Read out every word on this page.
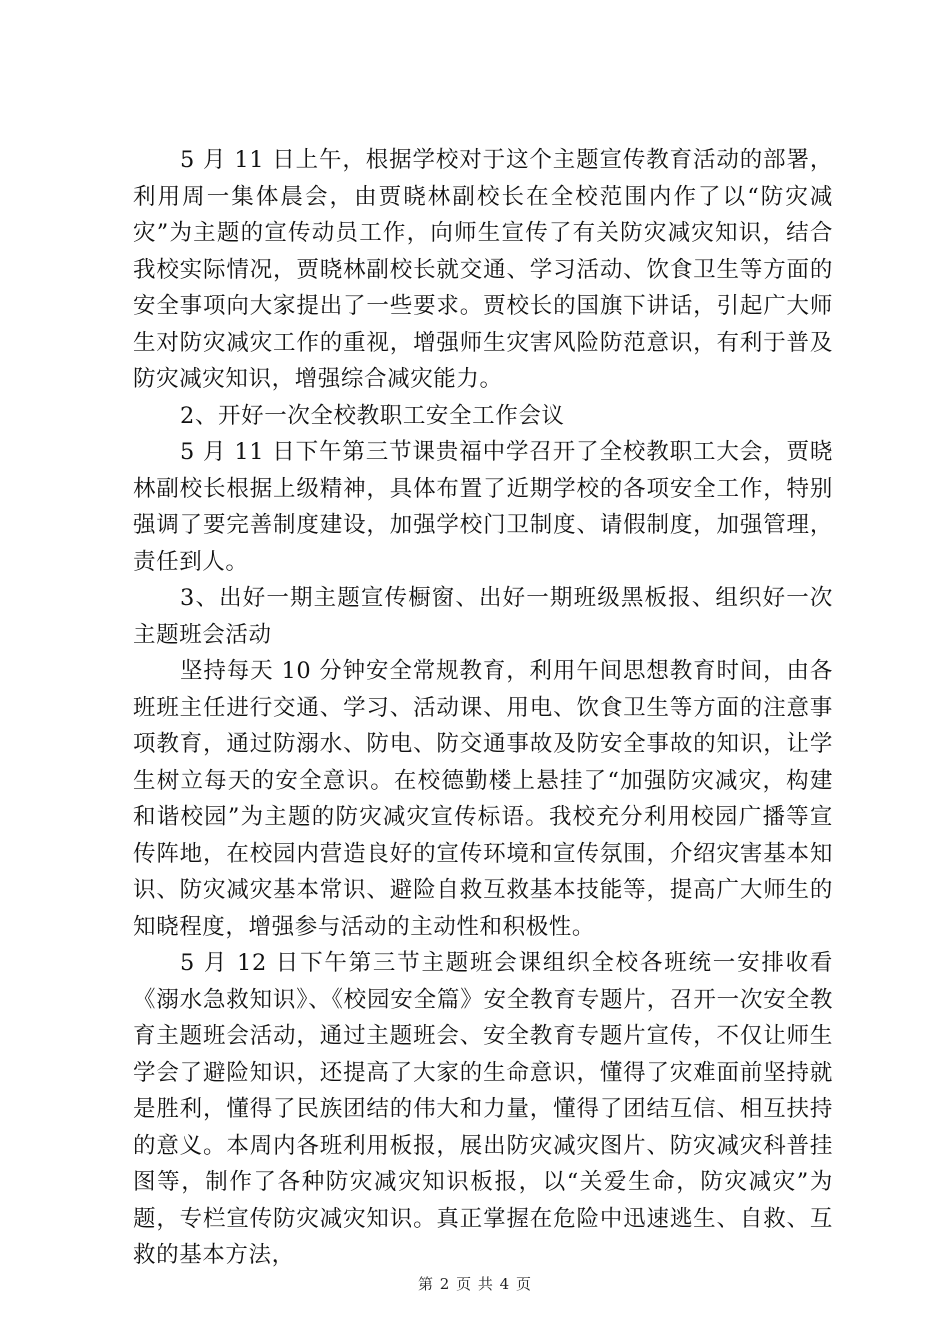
5 月 11 日上午，根据学校对于这个主题宣传教育活动的部署，利用周一集体晨会，由贾晓林副校长在全校范围内作了以“防灾减灾”为主题的宣传动员工作，向师生宣传了有关防灾减灾知识，结合我校实际情况，贾晓林副校长就交通、学习活动、饮食卫生等方面的安全事项向大家提出了一些要求。贾校长的国旗下讲话，引起广大师生对防灾减灾工作的重视，增强师生灾害风险防范意识，有利于普及防灾减灾知识，增强综合减灾能力。

2、开好一次全校教职工安全工作会议

5 月 11 日下午第三节课贵福中学召开了全校教职工大会，贾晓林副校长根据上级精神，具体布置了近期学校的各项安全工作，特别强调了要完善制度建设，加强学校门卫制度、请假制度，加强管理，责任到人。

3、出好一期主题宣传橱窗、出好一期班级黑板报、组织好一次主题班会活动

坚持每天 10 分钟安全常规教育，利用午间思想教育时间，由各班班主任进行交通、学习、活动课、用电、饮食卫生等方面的注意事项教育，通过防溺水、防电、防交通事故及防安全事故的知识，让学生树立每天的安全意识。在校德勤楼上悬挂了“加强防灾减灾，构建和谐校园”为主题的防灾减灾宣传标语。我校充分利用校园广播等宣传阵地，在校园内营造良好的宣传环境和宣传氛围，介绍灾害基本知识、防灾减灾基本常识、避险自救互救基本技能等，提高广大师生的知晓程度，增强参与活动的主动性和积极性。

5 月 12 日下午第三节主题班会课组织全校各班统一安排收看《溺水急救知识》、《校园安全篇》安全教育专题片，召开一次安全教育主题班会活动，通过主题班会、安全教育专题片宣传，不仅让师生学会了避险知识，还提高了大家的生命意识，懂得了灾难面前坚持就是胜利，懂得了民族团结的伟大和力量，懂得了团结互信、相互扶持的意义。本周内各班利用板报，展出防灾减灾图片、防灾减灾科普挂图等，制作了各种防灾减灾知识板报，以“关爱生命，防灾减灾”为题，专栏宣传防灾减灾知识。真正掌握在危险中迅速逃生、自救、互救的基本方法，

第 2 页 共 4 页
